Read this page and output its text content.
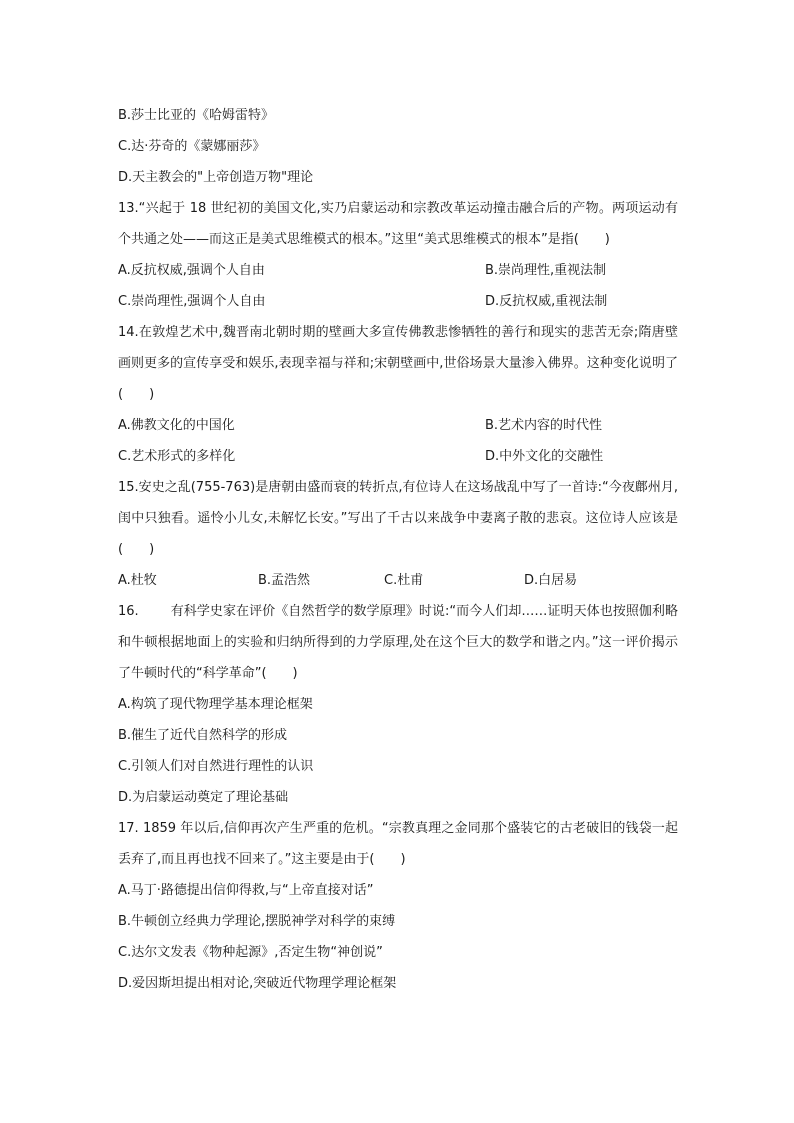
B.莎士比亚的《哈姆雷特》
C.达·芬奇的《蒙娜丽莎》
D.天主教会的"上帝创造万物"理论
13.“兴起于 18 世纪初的美国文化,实乃启蒙运动和宗教改革运动撞击融合后的产物。两项运动有个共通之处——而这正是美式思维模式的根本。”这里“美式思维模式的根本”是指(　　)
A.反抗权威,强调个人自由	B.崇尚理性,重视法制
C.崇尚理性,强调个人自由	D.反抗权威,重视法制
14.在敦煌艺术中,魏晋南北朝时期的壁画大多宣传佛教悲惨牺牲的善行和现实的悲苦无奈;隋唐壁画则更多的宣传享受和娱乐,表现幸福与祥和;宋朝壁画中,世俗场景大量渗入佛界。这种变化说明了(　　)
A.佛教文化的中国化	B.艺术内容的时代性
C.艺术形式的多样化	D.中外文化的交融性
15.安史之乱(755-763)是唐朝由盛而衰的转折点,有位诗人在这场战乱中写了一首诗:“今夜鄜州月,闺中只独看。遥怜小儿女,未解忆长安。”写出了千古以来战争中妻离子散的悲哀。这位诗人应该是(　　)
A.杜牧	B.孟浩然	C.杜甫	D.白居易
16. 有科学史家在评价《自然哲学的数学原理》时说:“而今人们却……证明天体也按照伽利略和牛顿根据地面上的实验和归纳所得到的力学原理,处在这个巨大的数学和谐之内。”这一评价揭示了牛顿时代的“科学革命”(　　)
A.构筑了现代物理学基本理论框架
B.催生了近代自然科学的形成
C.引领人们对自然进行理性的认识
D.为启蒙运动奠定了理论基础
17. 1859 年以后,信仰再次产生严重的危机。“宗教真理之金同那个盛装它的古老破旧的钱袋一起丢弃了,而且再也找不回来了。”这主要是由于(　　)
A.马丁·路德提出信仰得救,与“上帝直接对话”
B.牛顿创立经典力学理论,摆脱神学对科学的束缚
C.达尔文发表《物种起源》,否定生物“神创说”
D.爱因斯坦提出相对论,突破近代物理学理论框架
